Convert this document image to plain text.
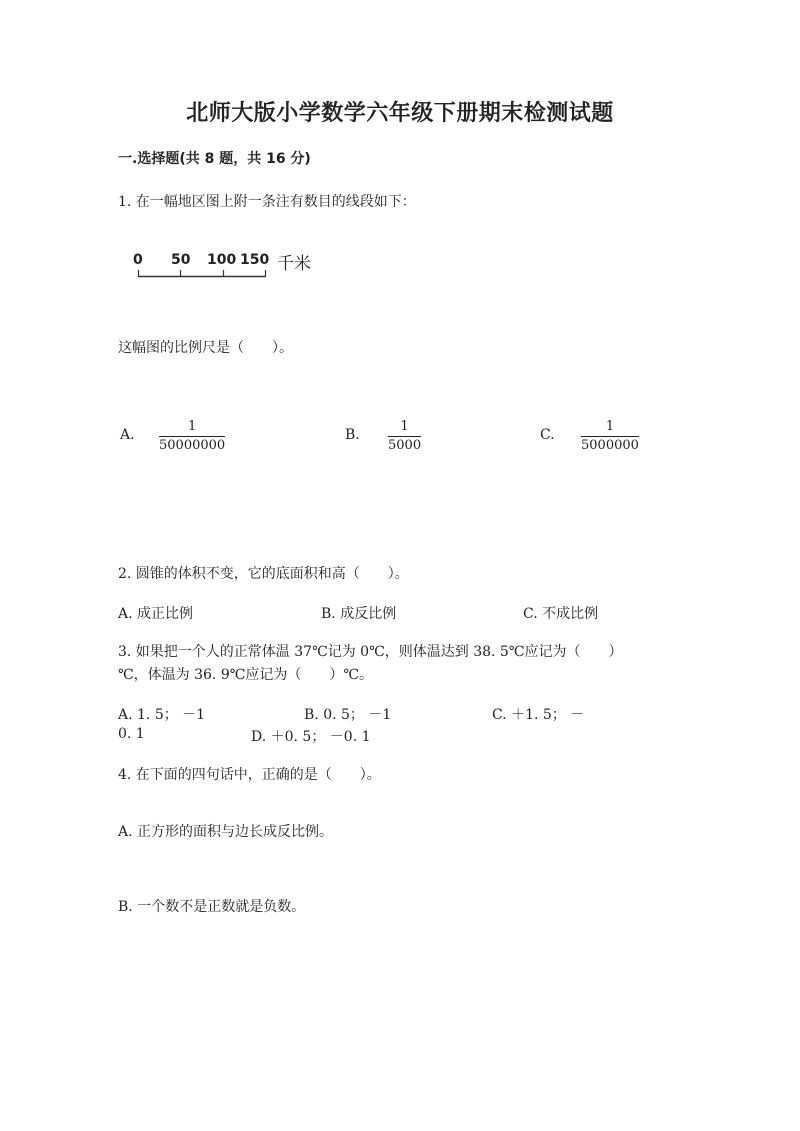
北师大版小学数学六年级下册期末检测试题
一.选择题(共 8 题，共 16 分)
1. 在一幅地区图上附一条注有数目的线段如下：
0 50 100 150 千米
这幅图的比例尺是（　　）。
A.
1
50000000
B.
1
5000
C.
1
5000000
2. 圆锥的体积不变，它的底面积和高（　　）。
A. 成正比例	B. 成反比例	C. 不成比例
3. 如果把一个人的正常体温 37℃记为 0℃，则体温达到 38. 5℃应记为（　　）
℃，体温为 36. 9℃应记为（　　）℃。
A. 1. 5； －1	B. 0. 5； －1	C. ＋1. 5； －
0. 1	D. ＋0. 5； －0. 1
4. 在下面的四句话中，正确的是（　　）。
A. 正方形的面积与边长成反比例。
B. 一个数不是正数就是负数。
